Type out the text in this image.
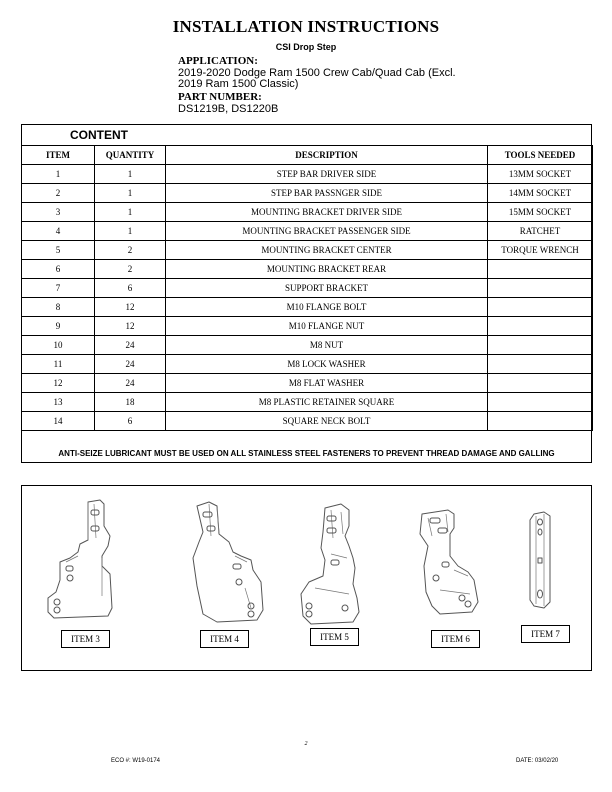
INSTALLATION INSTRUCTIONS
CSI Drop Step
APPLICATION:
2019-2020 Dodge Ram 1500 Crew Cab/Quad Cab (Excl.
2019 Ram 1500 Classic)
PART NUMBER:
DS1219B, DS1220B
CONTENT
ITEM	QUANTITY	DESCRIPTION	TOOLS NEEDED
1	1	STEP BAR DRIVER SIDE	13MM SOCKET
2	1	STEP BAR PASSNGER SIDE	14MM SOCKET
3	1	MOUNTING BRACKET DRIVER SIDE	15MM SOCKET
4	1	MOUNTING BRACKET PASSENGER SIDE	RATCHET
5	2	MOUNTING BRACKET CENTER	TORQUE WRENCH
6	2	MOUNTING BRACKET REAR	
7	6	SUPPORT BRACKET	
8	12	M10 FLANGE BOLT	
9	12	M10 FLANGE NUT	
10	24	M8 NUT	
11	24	M8 LOCK WASHER	
12	24	M8 FLAT WASHER	
13	18	M8 PLASTIC RETAINER SQUARE	
14	6	SQUARE NECK BOLT	
ANTI-SEIZE LUBRICANT MUST BE USED ON ALL STAINLESS STEEL FASTENERS TO PREVENT THREAD DAMAGE AND GALLING
ITEM 3	ITEM 4	ITEM 5	ITEM 6	ITEM 7
2
ECO #: W19-0174	DATE: 03/02/20
